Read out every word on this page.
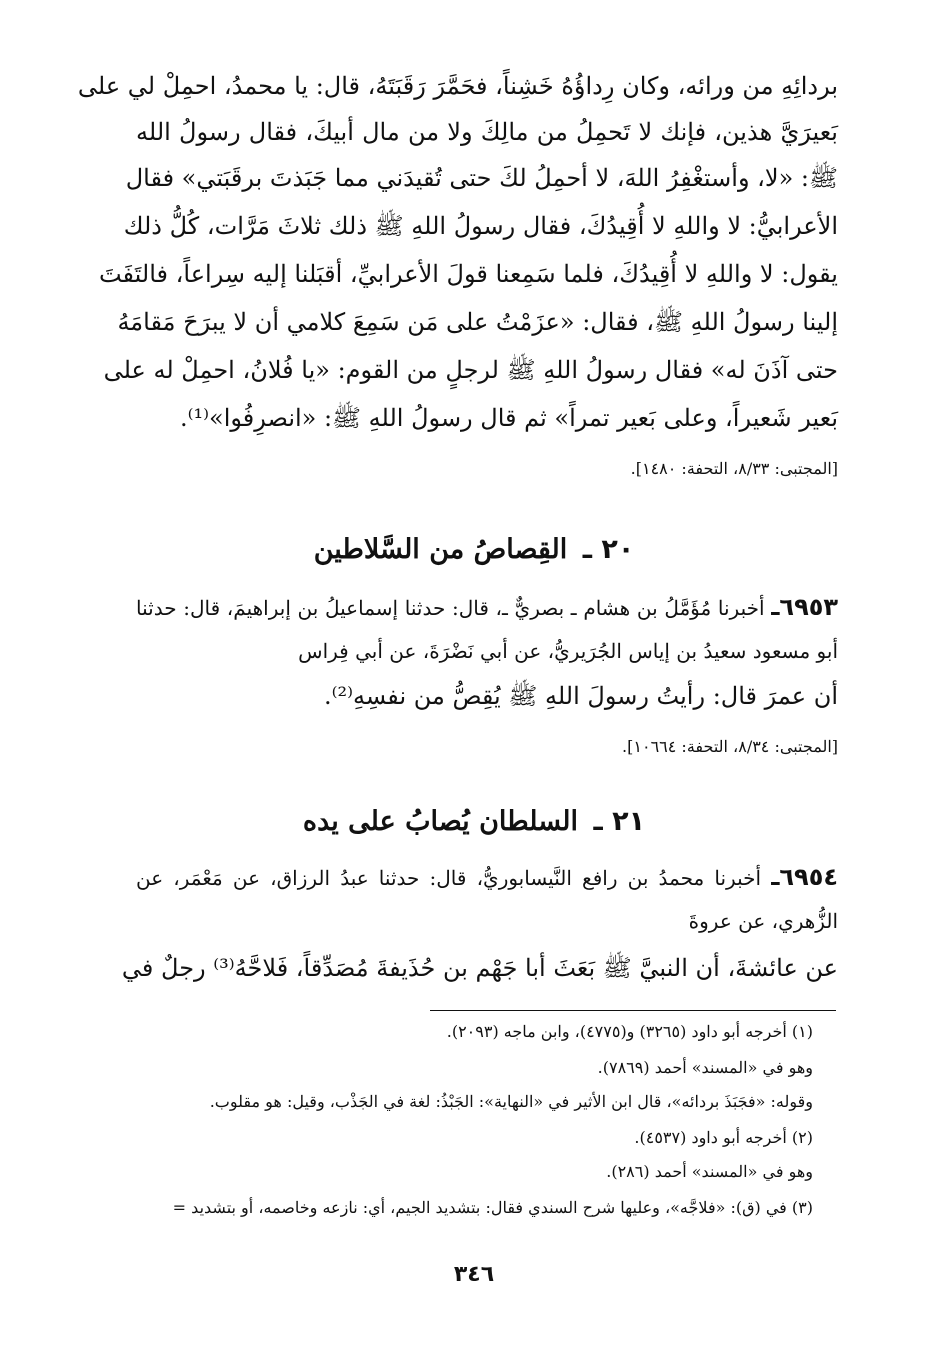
بردائِهِ من ورائه، وكان رِداؤُهُ خَشِناً، فحَمَّرَ رَقَبَتَهُ، قال: يا محمدُ، احمِلْ لي على
بَعيرَيَّ هذين، فإنك لا تَحمِلُ من مالِكَ ولا من مال أبيكَ، فقال رسولُ الله
ﷺ: «لا، وأستغْفِرُ اللهَ، لا أحمِلُ لكَ حتى تُقيدَني مما جَبَذتَ برقَبَتي» فقال
الأعرابيُّ: لا واللهِ لا أُقِيدُكَ، فقال رسولُ اللهِ ﷺ ذلك ثلاثَ مَرَّات، كُلُّ ذلك
يقول: لا واللهِ لا أُقِيدُكَ، فلما سَمِعنا قولَ الأعرابيِّ، أقبَلنا إليه سِراعاً، فالتَفَتَ
إلينا رسولُ اللهِ ﷺ، فقال: «عزَمْتُ على مَن سَمِعَ كلامي أن لا يبرَحَ مَقامَهُ
حتى آذَنَ له» فقال رسولُ اللهِ ﷺ لرجلٍ من القوم: «يا فُلانُ، احمِلْ له على
بَعير شَعيراً، وعلى بَعير تمراً» ثم قال رسولُ اللهِ ﷺ: «انصرِفُوا»⁽¹⁾.
[المجتبى: ٨/٣٣، التحفة: ١٤٨٠].
٢٠ ـ القِصاصُ من السَّلاطين
٦٩٥٣ـ أخبرنا مُؤَمَّلُ بن هشام ـ بصريٌّ ـ، قال: حدثنا إسماعيلُ بن إبراهيمَ، قال: حدثنا
أبو مسعود سعيدُ بن إياس الجُرَيريُّ، عن أبي نَضْرَةَ، عن أبي فِراس
أن عمرَ قال: رأيتُ رسولَ اللهِ ﷺ يُقِصُّ من نفسِهِ⁽²⁾.
[المجتبى: ٨/٣٤، التحفة: ١٠٦٦٤].
٢١ ـ السلطان يُصابُ على يده
٦٩٥٤ـ أخبرنا محمدُ بن رافع النَّيسابوريُّ، قال: حدثنا عبدُ الرزاق، عن مَعْمَر، عن
الزُّهري، عن عروةَ
عن عائشةَ، أن النبيَّ ﷺ بَعَثَ أبا جَهْم بن حُذَيفةَ مُصَدِّقاً، فَلاحَّهُ⁽³⁾ رجلٌ في
(١) أخرجه أبو داود (٣٢٦٥) و(٤٧٧٥)، وابن ماجه (٢٠٩٣).
وهو في «المسند» أحمد (٧٨٦٩).
وقوله: «فجَبَذَ بردائه»، قال ابن الأثير في «النهاية»: الجَبْذُ: لغة في الجَذْب، وقيل: هو مقلوب.
(٢) أخرجه أبو داود (٤٥٣٧).
وهو في «المسند» أحمد (٢٨٦).
(٣) في (ق): «فلاجَّه»، وعليها شرح السندي فقال: بتشديد الجيم، أي: نازعه وخاصمه، أو بتشديد =
٣٤٦
